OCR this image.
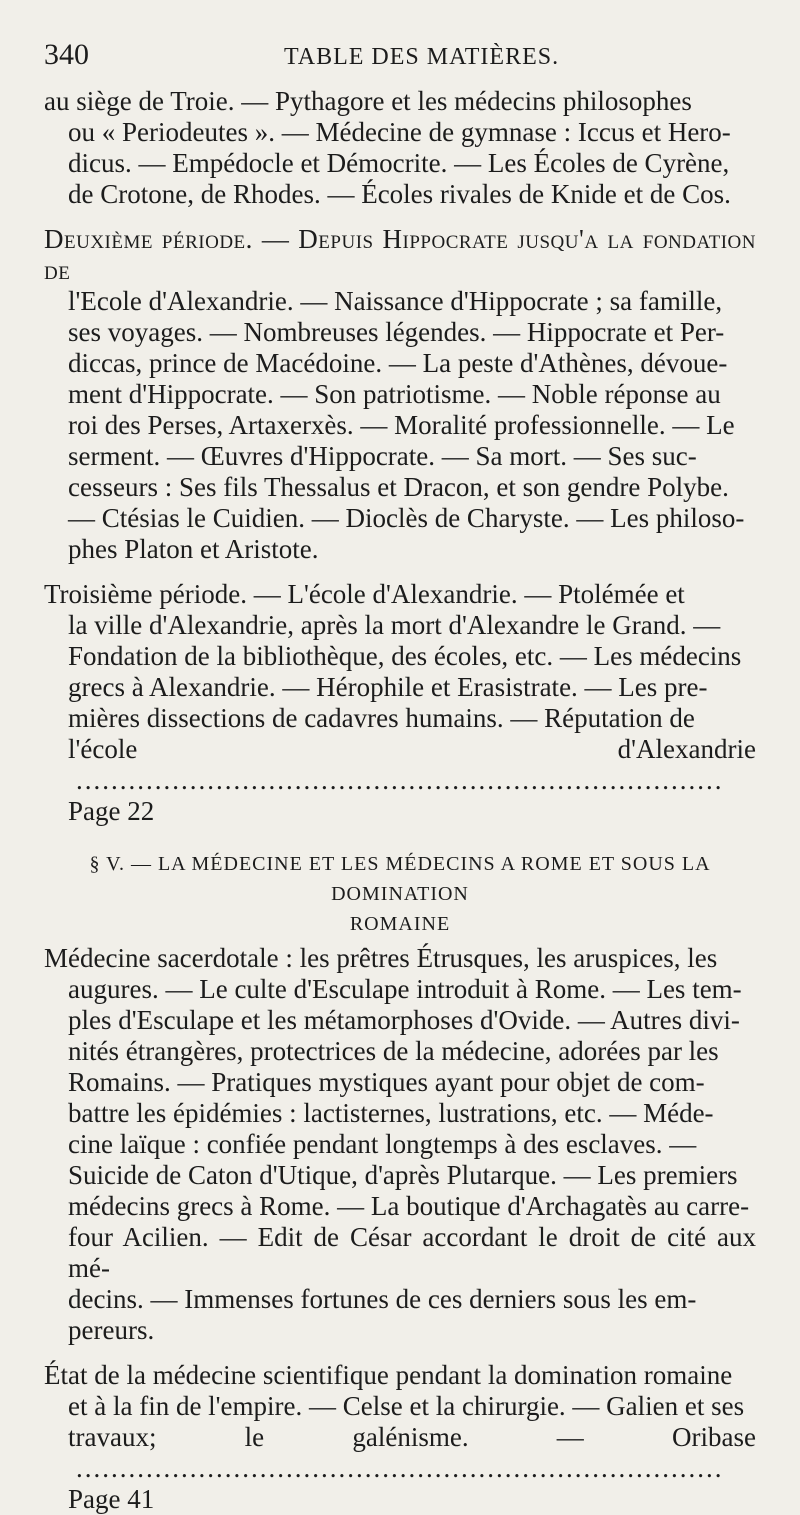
340	TABLE DES MATIÈRES.
au siège de Troie. — Pythagore et les médecins philosophes
ou « Periodeutes ». — Médecine de gymnase : Iccus et Hero-
dicus. — Empédocle et Démocrite. — Les Écoles de Cyrène,
de Crotone, de Rhodes. — Écoles rivales de Knide et de Cos.
Deuxième période. — Depuis Hippocrate jusqu'a la fondation de
l'Ecole d'Alexandrie. — Naissance d'Hippocrate ; sa famille,
ses voyages. — Nombreuses légendes. — Hippocrate et Per-
diccas, prince de Macédoine. — La peste d'Athènes, dévoue-
ment d'Hippocrate. — Son patriotisme. — Noble réponse au
roi des Perses, Artaxerxès. — Moralité professionnelle. — Le
serment. — Œuvres d'Hippocrate. — Sa mort. — Ses suc-
cesseurs : Ses fils Thessalus et Dracon, et son gendre Polybe.
— Ctésias le Cuidien. — Dioclès de Charyste. — Les philoso-
phes Platon et Aristote.
Troisième période. — L'école d'Alexandrie. — Ptolémée et
la ville d'Alexandrie, après la mort d'Alexandre le Grand. —
Fondation de la bibliothèque, des écoles, etc. — Les médecins
grecs à Alexandrie. — Hérophile et Erasistrate. — Les pre-
mières dissections de cadavres humains. — Réputation de
l'école d'Alexandrie .......................................................................... Page 22
§ V. — LA MÉDECINE ET LES MÉDECINS A ROME ET SOUS LA DOMINATION
ROMAINE
Médecine sacerdotale : les prêtres Étrusques, les aruspices, les
augures. — Le culte d'Esculape introduit à Rome. — Les tem-
ples d'Esculape et les métamorphoses d'Ovide. — Autres divi-
nités étrangères, protectrices de la médecine, adorées par les
Romains. — Pratiques mystiques ayant pour objet de com-
battre les épidémies : lactisternes, lustrations, etc. — Méde-
cine laïque : confiée pendant longtemps à des esclaves. —
Suicide de Caton d'Utique, d'après Plutarque. — Les premiers
médecins grecs à Rome. — La boutique d'Archagatès au carre-
four Acilien. — Edit de César accordant le droit de cité aux mé-
decins. — Immenses fortunes de ces derniers sous les em-
pereurs.
État de la médecine scientifique pendant la domination romaine
et à la fin de l'empire. — Celse et la chirurgie. — Galien et ses
travaux; le galénisme. — Oribase .......................................................................... Page 41
